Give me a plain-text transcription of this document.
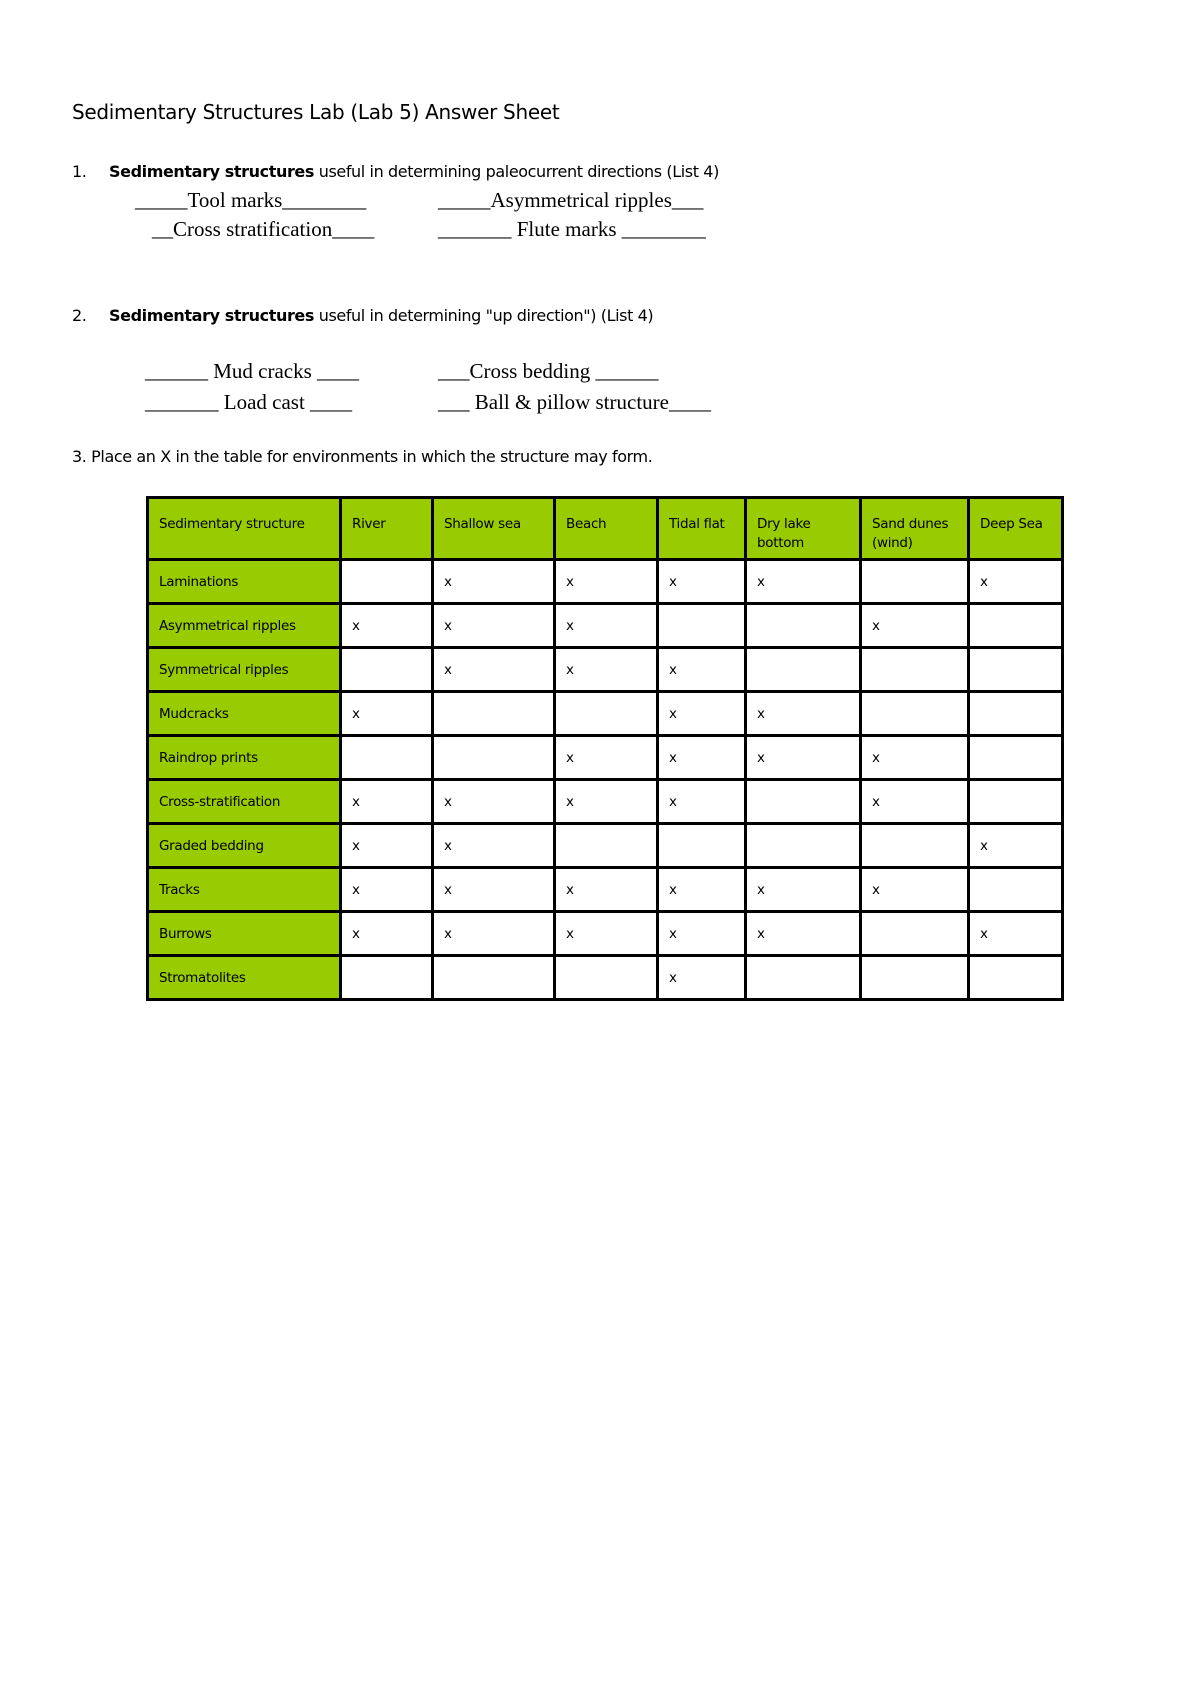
Sedimentary Structures Lab (Lab 5) Answer Sheet
1. Sedimentary structures useful in determining paleocurrent directions (List 4)
_____Tool marks________	_____Asymmetrical ripples___
__Cross stratification____	_______ Flute marks ________
2. Sedimentary structures useful in determining "up direction") (List 4)
______ Mud cracks ____	___Cross bedding ______
_______ Load cast ____	___ Ball & pillow structure____
3. Place an X in the table for environments in which the structure may form.
Sedimentary structure	River	Shallow sea	Beach	Tidal flat	Dry lake bottom	Sand dunes (wind)	Deep Sea
Laminations		x	x	x	x		x
Asymmetrical ripples	x	x	x			x	
Symmetrical ripples		x	x	x			
Mudcracks	x			x	x		
Raindrop prints			x	x	x	x	
Cross-stratification	x	x	x	x		x	
Graded bedding	x	x					x
Tracks	x	x	x	x	x	x	
Burrows	x	x	x	x	x		x
Stromatolites				x			
